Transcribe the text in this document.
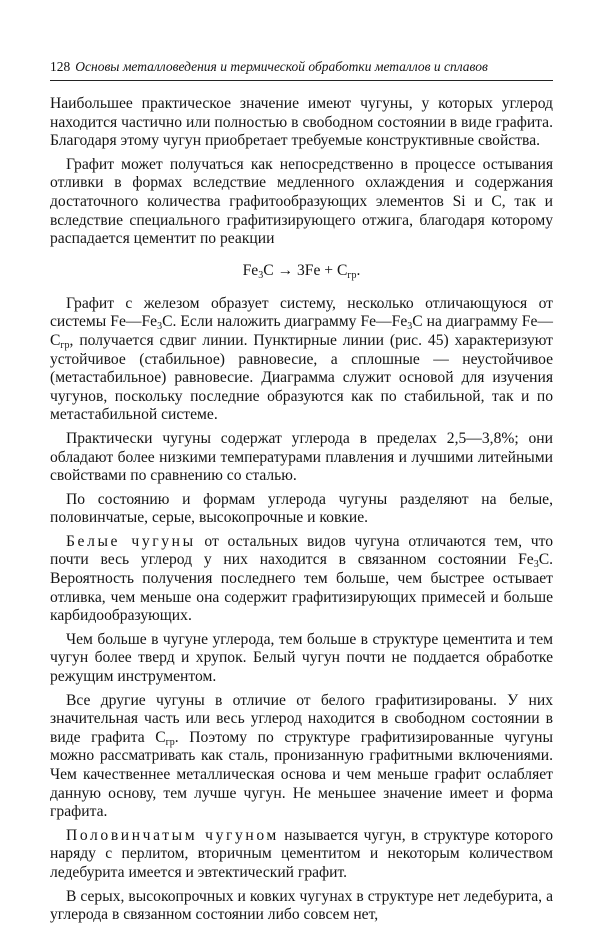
128 Основы металловедения и термической обработки металлов и сплавов

Наибольшее практическое значение имеют чугуны, у которых углерод находится частично или полностью в свободном состоянии в виде графита. Благодаря этому чугун приобретает требуемые конструктивные свойства.

Графит может получаться как непосредственно в процессе остывания отливки в формах вследствие медленного охлаждения и содержания достаточного количества графитообразующих элементов Si и C, так и вследствие специального графитизирующего отжига, благодаря которому распадается цементит по реакции

$Fe_3C \to 3Fe + C_{гр}$.

Графит с железом образует систему, несколько отличающуюся от системы $Fe—Fe_3C$. Если наложить диаграмму $Fe—Fe_3C$ на диаграмму $Fe—C_{гр}$, получается сдвиг линии. Пунктирные линии (рис. 45) характеризуют устойчивое (стабильное) равновесие, а сплошные — неустойчивое (метастабильное) равновесие. Диаграмма служит основой для изучения чугунов, поскольку последние образуются как по стабильной, так и по метастабильной системе.

Практически чугуны содержат углерода в пределах 2,5—3,8%; они обладают более низкими температурами плавления и лучшими литейными свойствами по сравнению со сталью.

По состоянию и формам углерода чугуны разделяют на белые, половинчатые, серые, высокопрочные и ковкие.

Белые чугуны от остальных видов чугуна отличаются тем, что почти весь углерод у них находится в связанном состоянии $Fe_3C$. Вероятность получения последнего тем больше, чем быстрее остывает отливка, чем меньше она содержит графитизирующих примесей и больше карбидообразующих.

Чем больше в чугуне углерода, тем больше в структуре цементита и тем чугун более тверд и хрупок. Белый чугун почти не поддается обработке режущим инструментом.

Все другие чугуны в отличие от белого графитизированы. У них значительная часть или весь углерод находится в свободном состоянии в виде графита $C_{гр}$. Поэтому по структуре графитизированные чугуны можно рассматривать как сталь, пронизанную графитными включениями. Чем качественнее металлическая основа и чем меньше графит ослабляет данную основу, тем лучше чугун. Не меньшее значение имеет и форма графита.

Половинчатым чугуном называется чугун, в структуре которого наряду с перлитом, вторичным цементитом и некоторым количеством ледебурита имеется и эвтектический графит.

В серых, высокопрочных и ковких чугунах в структуре нет ледебурита, а углерода в связанном состоянии либо совсем нет,
